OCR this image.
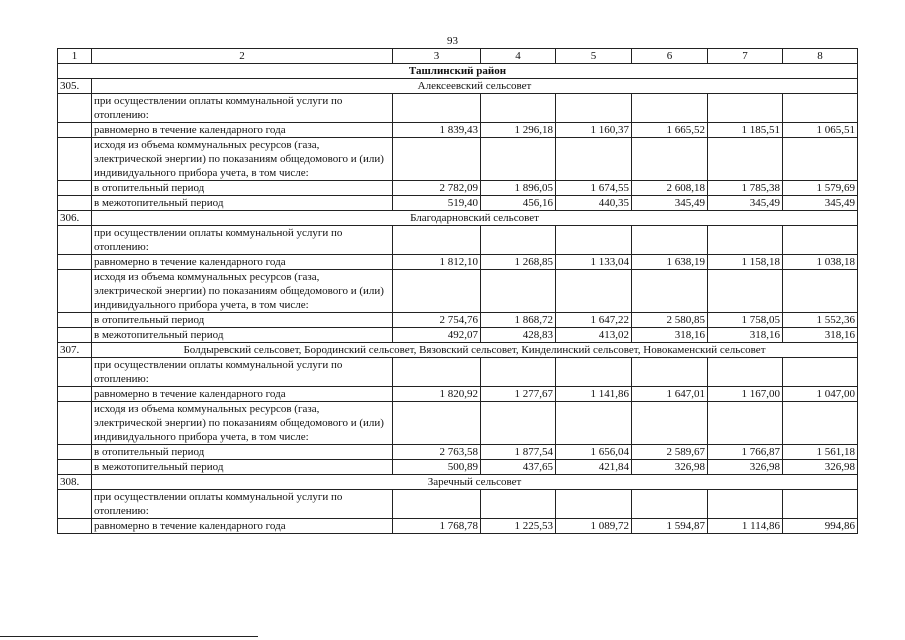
93
1	2	3	4	5	6	7	8
Ташлинский район							
305.	Алексеевский сельсовет						
	при осуществлении оплаты коммунальной услуги по отоплению:						
	равномерно в течение календарного года	1 839,43	1 296,18	1 160,37	1 665,52	1 185,51	1 065,51
	исходя из объема коммунальных ресурсов (газа, электрической энергии) по показаниям общедомового и (или) индивидуального прибора учета, в том числе:						
	в отопительный период	2 782,09	1 896,05	1 674,55	2 608,18	1 785,38	1 579,69
	в межотопительный период	519,40	456,16	440,35	345,49	345,49	345,49
306.	Благодарновский сельсовет						
	при осуществлении оплаты коммунальной услуги по отоплению:						
	равномерно в течение календарного года	1 812,10	1 268,85	1 133,04	1 638,19	1 158,18	1 038,18
	исходя из объема коммунальных ресурсов (газа, электрической энергии) по показаниям общедомового и (или) индивидуального прибора учета, в том числе:						
	в отопительный период	2 754,76	1 868,72	1 647,22	2 580,85	1 758,05	1 552,36
	в межотопительный период	492,07	428,83	413,02	318,16	318,16	318,16
307.	Болдыревский сельсовет, Бородинский сельсовет, Вязовский сельсовет, Кинделинский сельсовет, Новокаменский сельсовет						
	при осуществлении оплаты коммунальной услуги по отоплению:						
	равномерно в течение календарного года	1 820,92	1 277,67	1 141,86	1 647,01	1 167,00	1 047,00
	исходя из объема коммунальных ресурсов (газа, электрической энергии) по показаниям общедомового и (или) индивидуального прибора учета, в том числе:						
	в отопительный период	2 763,58	1 877,54	1 656,04	2 589,67	1 766,87	1 561,18
	в межотопительный период	500,89	437,65	421,84	326,98	326,98	326,98
308.	Заречный сельсовет						
	при осуществлении оплаты коммунальной услуги по отоплению:						
	равномерно в течение календарного года	1 768,78	1 225,53	1 089,72	1 594,87	1 114,86	994,86
